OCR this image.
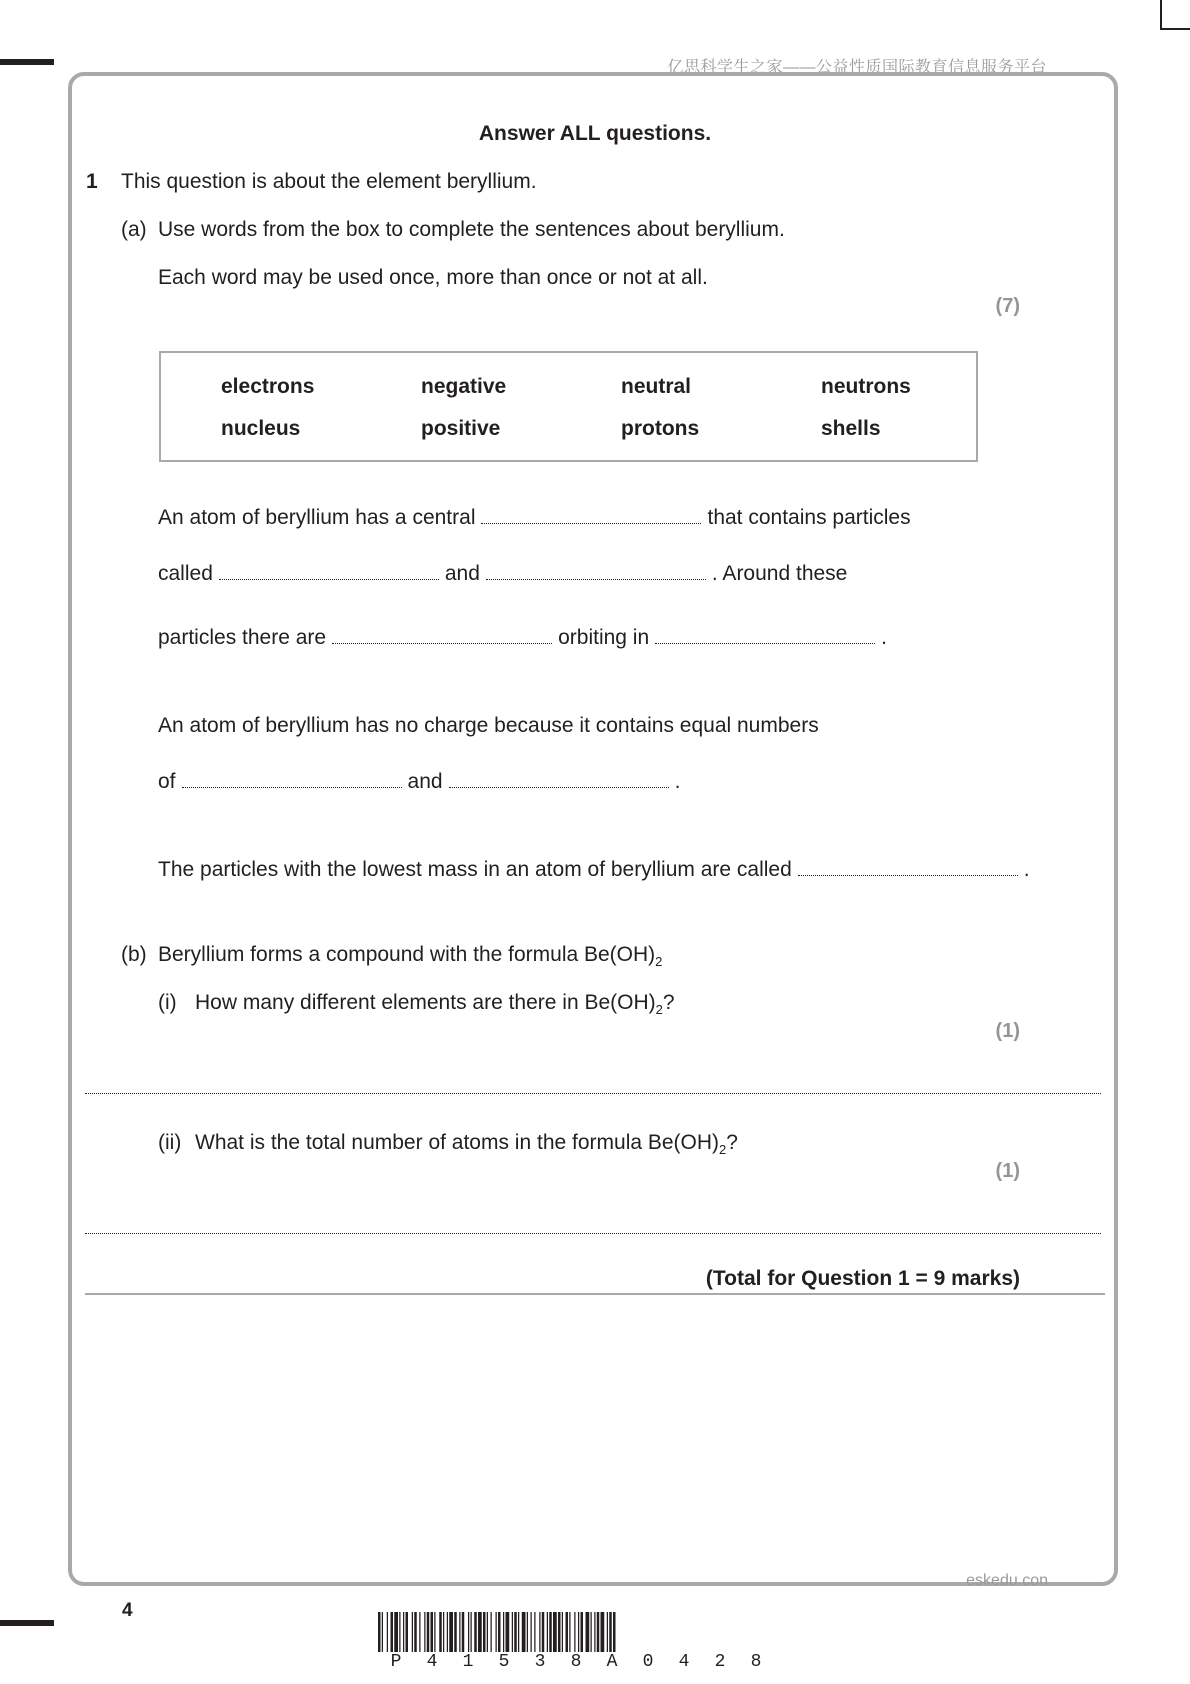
亿思科学生之家——公益性质国际教育信息服务平台
Answer ALL questions.
1 This question is about the element beryllium.
(a) Use words from the box to complete the sentences about beryllium.
Each word may be used once, more than once or not at all.
(7)
electrons	negative	neutral	neutrons
nucleus	positive	protons	shells
An atom of beryllium has a central	that contains particles
called	and	. Around these
particles there are	orbiting in	.
An atom of beryllium has no charge because it contains equal numbers
of	and	.
The particles with the lowest mass in an atom of beryllium are called	.
(b) Beryllium forms a compound with the formula $Be(OH)_2$
(i) How many different elements are there in $Be(OH)_2$?
(1)
(ii) What is the total number of atoms in the formula $Be(OH)_2$?
(1)
(Total for Question 1 = 9 marks)
eskedu.con
4
P 4 1 5 3 8 A 0 4 2 8
